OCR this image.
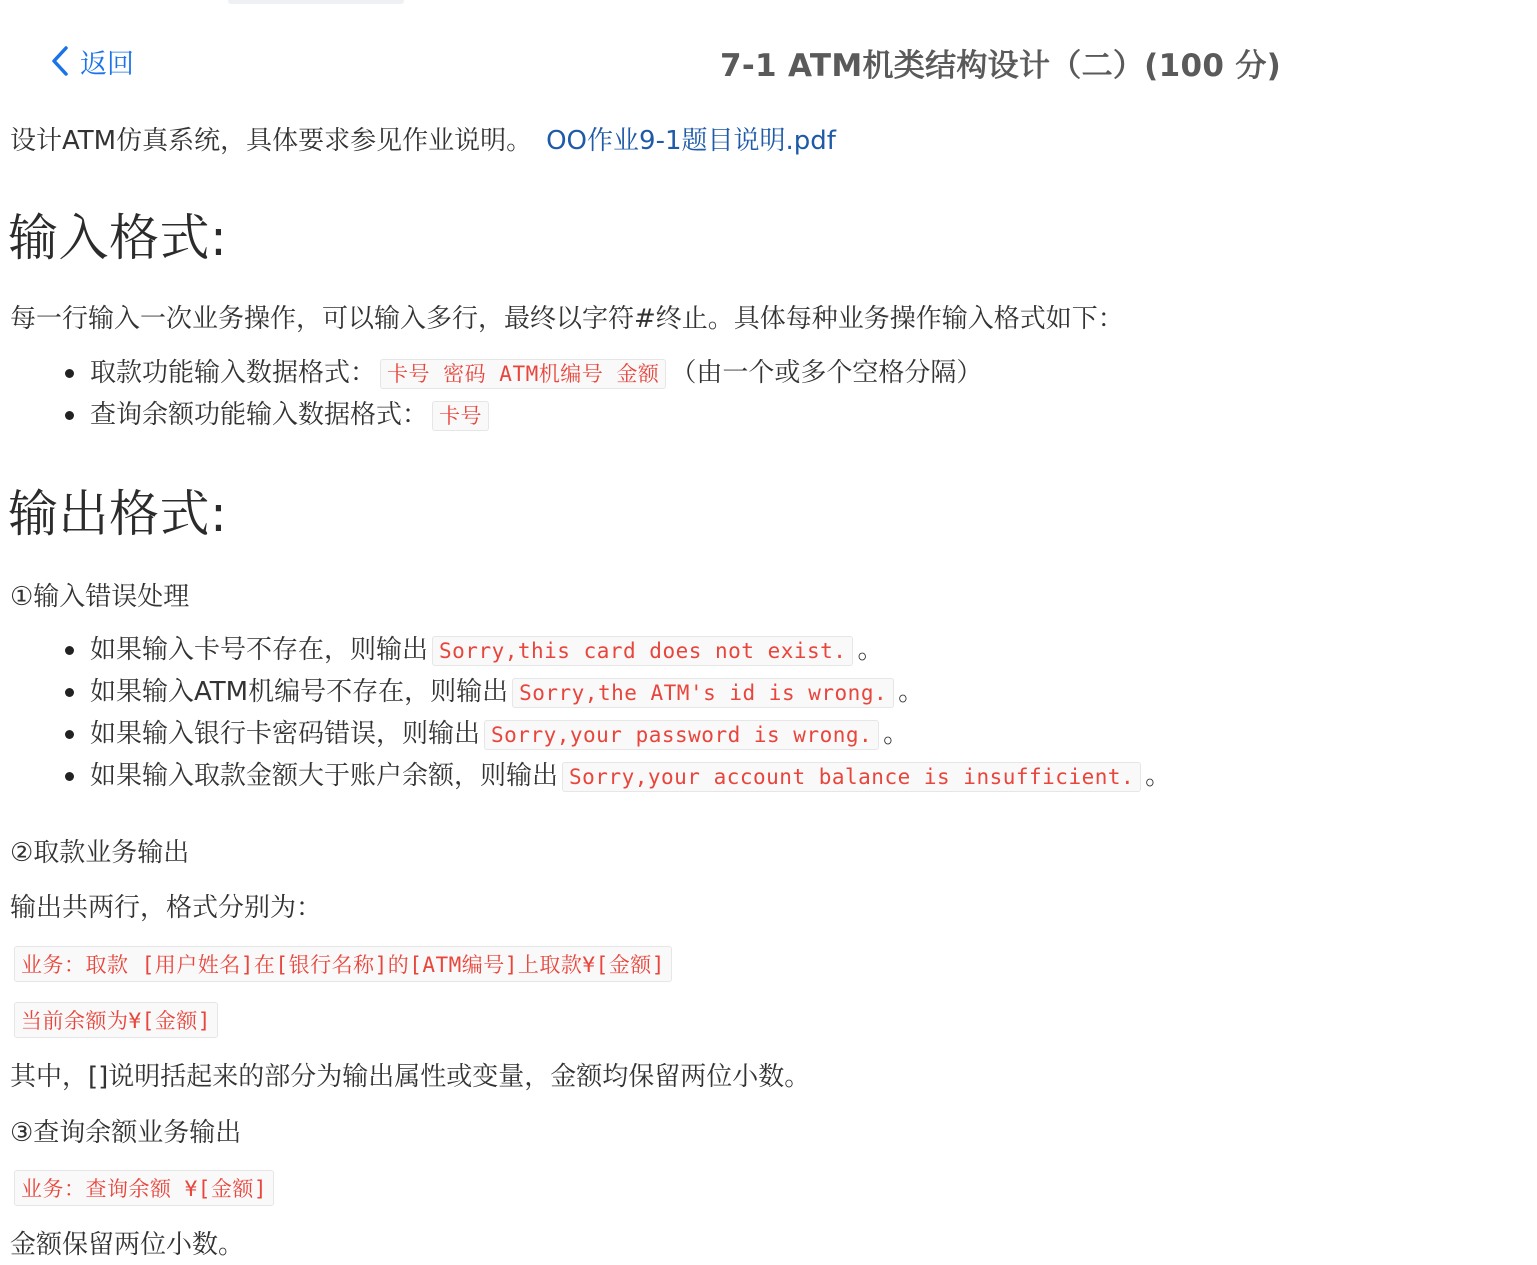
返回	7-1 ATM机类结构设计（二）(100 分)
设计ATM仿真系统，具体要求参见作业说明。 OO作业9-1题目说明.pdf
输入格式:
每一行输入一次业务操作，可以输入多行，最终以字符#终止。具体每种业务操作输入格式如下：
取款功能输入数据格式： 卡号 密码 ATM机编号 金额 （由一个或多个空格分隔）
查询余额功能输入数据格式： 卡号
输出格式:
①输入错误处理
如果输入卡号不存在，则输出 Sorry,this card does not exist. 。
如果输入ATM机编号不存在，则输出 Sorry,the ATM's id is wrong. 。
如果输入银行卡密码错误，则输出 Sorry,your password is wrong. 。
如果输入取款金额大于账户余额，则输出 Sorry,your account balance is insufficient. 。
②取款业务输出
输出共两行，格式分别为：
业务：取款 [用户姓名]在[银行名称]的[ATM编号]上取款¥[金额]
当前余额为¥[金额]
其中，[]说明括起来的部分为输出属性或变量，金额均保留两位小数。
③查询余额业务输出
业务：查询余额 ¥[金额]
金额保留两位小数。
